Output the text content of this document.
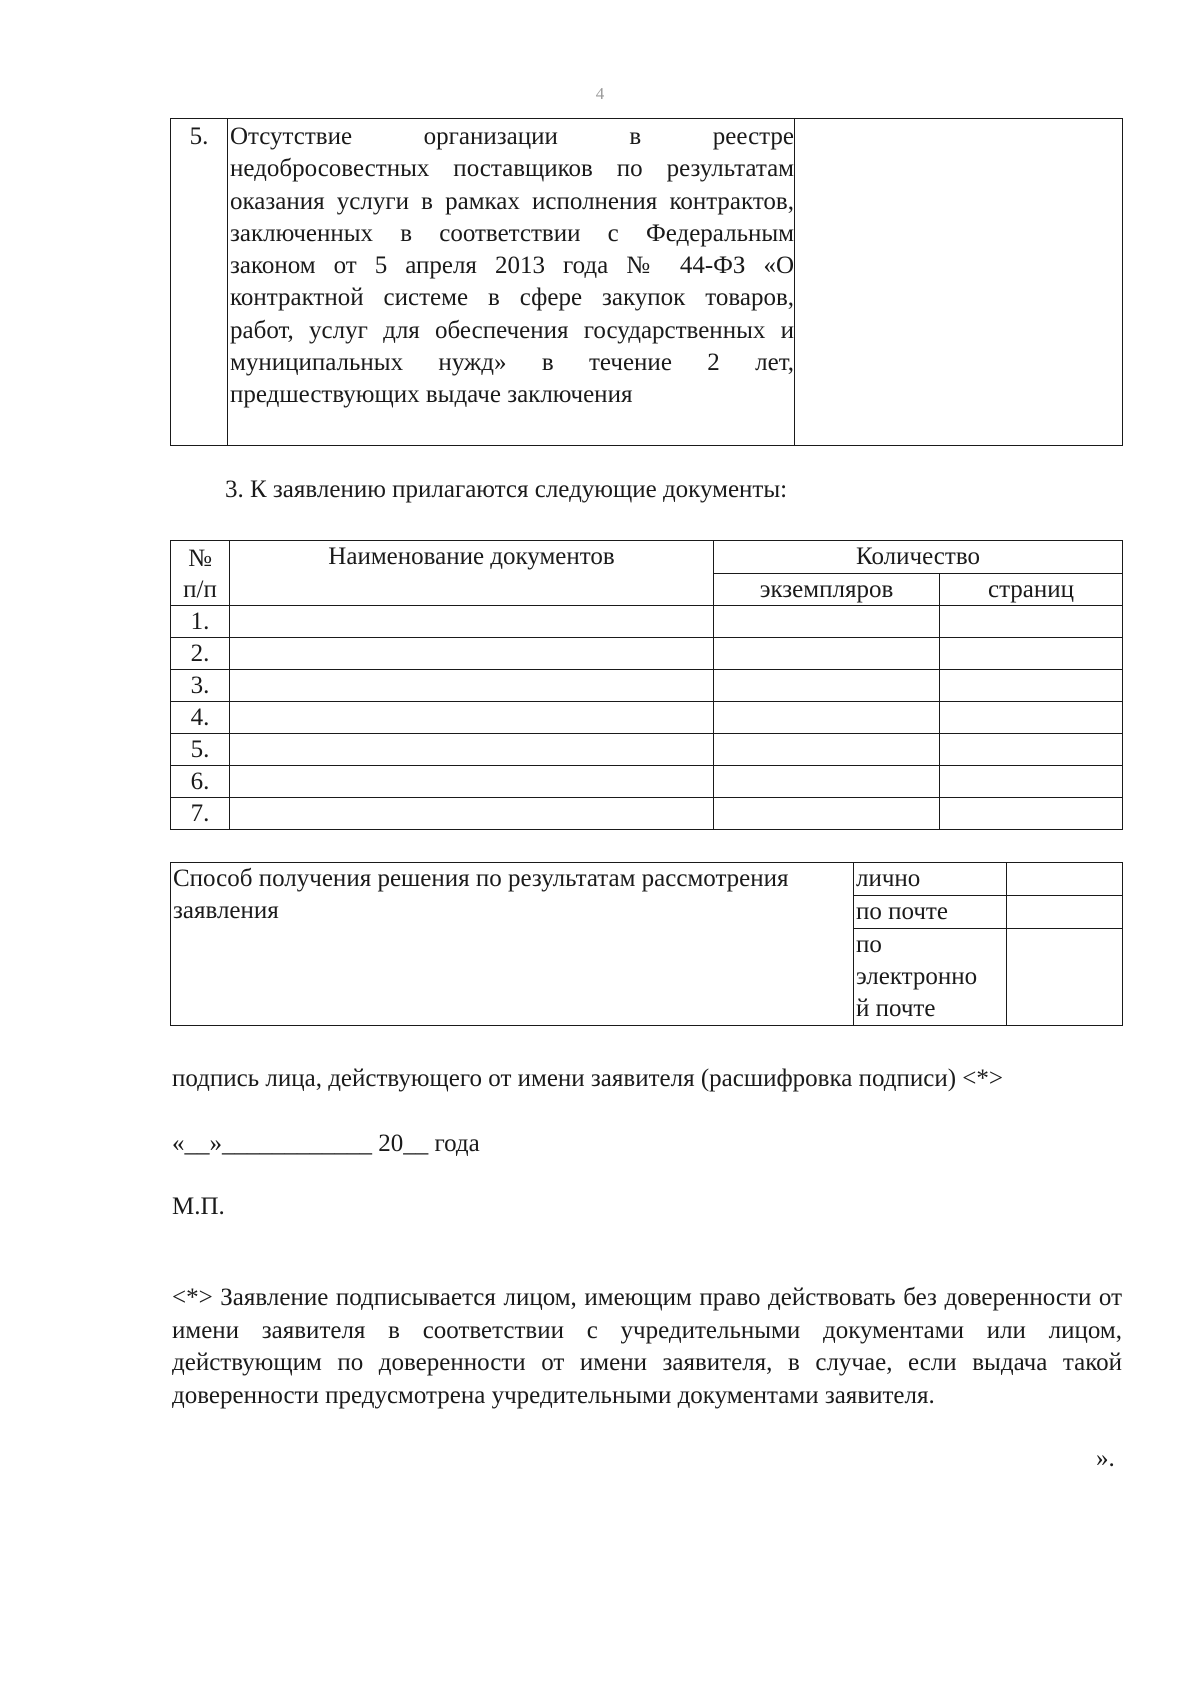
4
5.	Отсутствие организации в реестре недобросовестных поставщиков по результатам оказания услуги в рамках исполнения контрактов, заключенных в соответствии с Федеральным законом от 5 апреля 2013 года № 44-ФЗ «О контрактной системе в сфере закупок товаров, работ, услуг для обеспечения государственных и муниципальных нужд» в течение 2 лет,
предшествующих выдаче заключения

3. К заявлению прилагаются следующие документы:
№
п/п	Наименование документов	Количество	
		экземпляров	страниц
1.			
2.			
3.			
4.			
5.			
6.			
7.			
Способ получения решения по результатам рассмотрения заявления	лично	
	по почте	

	по
электронно
й почте	

подпись лица, действующего от имени заявителя (расшифровка подписи) <*>
«__»____________ 20__ года
М.П.
<*> Заявление подписывается лицом, имеющим право действовать без доверенности от имени заявителя в соответствии с учредительными документами или лицом, действующим по доверенности от имени заявителя, в случае, если выдача такой доверенности предусмотрена учредительными документами заявителя.
».
